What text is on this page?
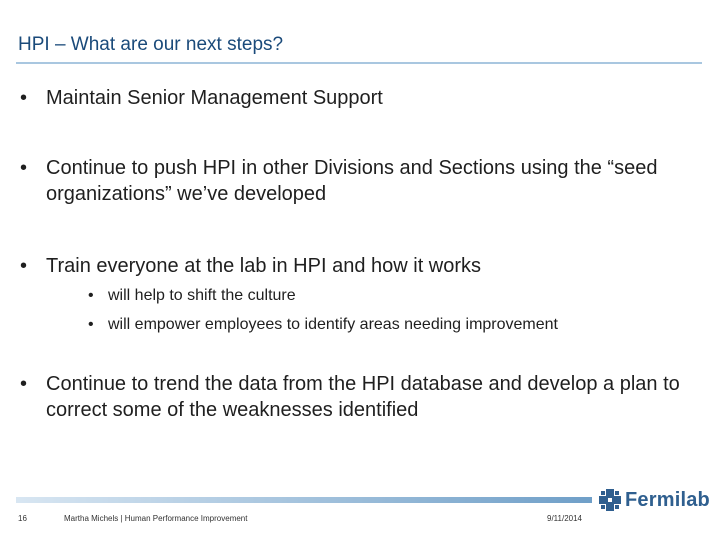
HPI – What are our next steps?
• Maintain Senior Management Support
• Continue to push HPI in other Divisions and Sections using the “seed organizations” we’ve developed
• Train everyone at the lab in HPI and how it works
• will help to shift the culture
• will empower employees to identify areas needing improvement
• Continue to trend the data from the HPI database and develop a plan to correct some of the weaknesses identified
16	Martha Michels | Human Performance Improvement	9/11/2014
Fermilab
